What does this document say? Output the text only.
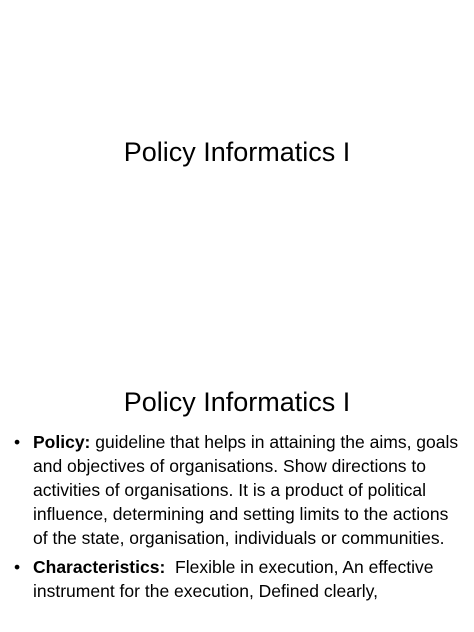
Policy Informatics I
Policy Informatics I
• Policy: guideline that helps in attaining the aims, goals and objectives of organisations. Show directions to activities of organisations. It is a product of political influence, determining and setting limits to the actions of the state, organisation, individuals or communities.
• Characteristics:  Flexible in execution, An effective instrument for the execution, Defined clearly,
